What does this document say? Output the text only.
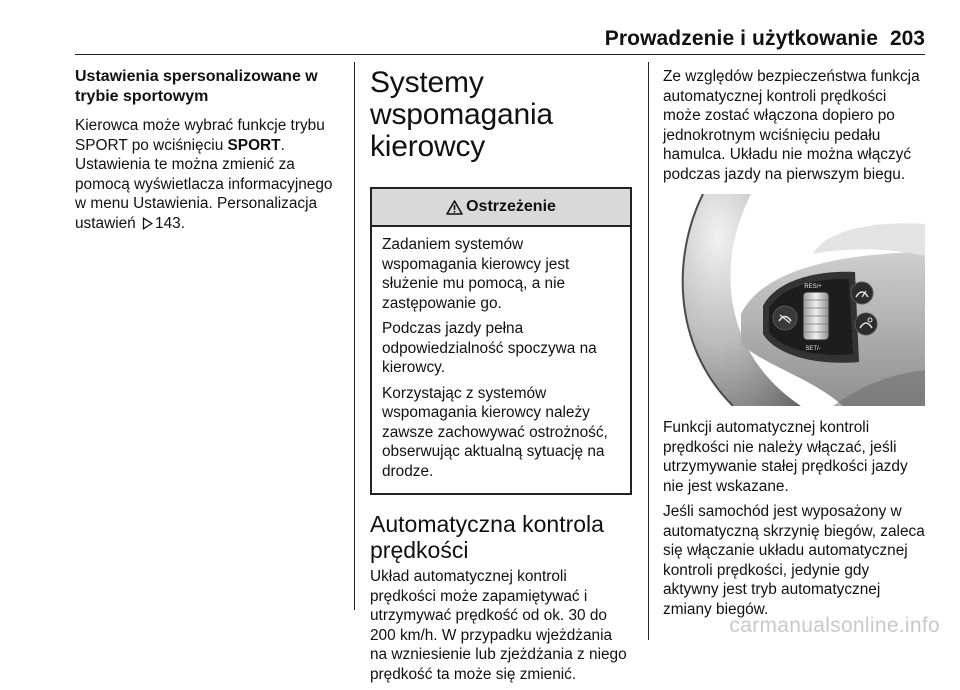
Prowadzenie i użytkowanie 203
Ustawienia spersonalizowane w trybie sportowym

Kierowca może wybrać funkcje trybu SPORT po wciśnięciu SPORT. Ustawienia te można zmienić za pomocą wyświetlacza informacyjnego w menu Ustawienia. Personalizacja ustawień 143.

Systemy wspomagania kierowcy
Ostrzeżenie

Zadaniem systemów wspomagania kierowcy jest służenie mu pomocą, a nie zastępowanie go.

Podczas jazdy pełna odpowiedzialność spoczywa na kierowcy.

Korzystając z systemów wspomagania kierowcy należy zawsze zachowywać ostrożność, obserwując aktualną sytuację na drodze.

Automatyczna kontrola prędkości

Układ automatycznej kontroli prędkości może zapamiętywać i utrzymywać prędkość od ok. 30 do 200 km/h. W przypadku wjeżdżania na wzniesienie lub zjeżdżania z niego prędkość ta może się zmienić.

Ze względów bezpieczeństwa funkcja automatycznej kontroli prędkości może zostać włączona dopiero po jednokrotnym wciśnięciu pedału hamulca. Układu nie można włączyć podczas jazdy na pierwszym biegu.

RES/+
SET/-

Funkcji automatycznej kontroli prędkości nie należy włączać, jeśli utrzymywanie stałej prędkości jazdy nie jest wskazane.

Jeśli samochód jest wyposażony w automatyczną skrzynię biegów, zaleca się włączanie układu automatycznej kontroli prędkości, jedynie gdy aktywny jest tryb automatycznej zmiany biegów.

carmanualsonline.info
